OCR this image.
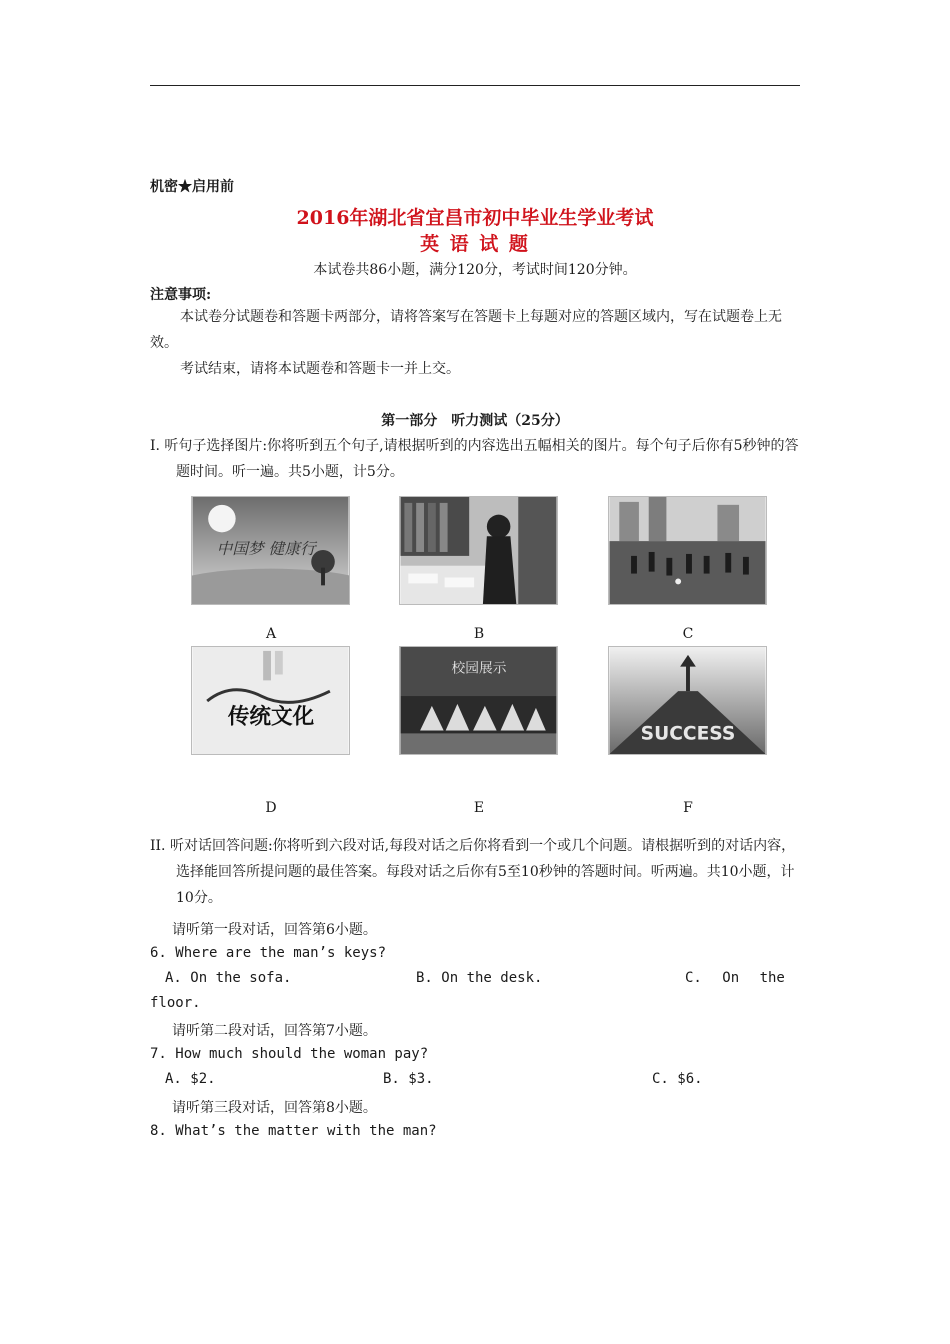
机密★启用前
2016年湖北省宜昌市初中毕业生学业考试
英 语 试 题
本试卷共86小题，满分120分，考试时间120分钟。
注意事项:
本试卷分试题卷和答题卡两部分，请将答案写在答题卡上每题对应的答题区域内，写在试题卷上无效。
考试结束，请将本试题卷和答题卡一并上交。
第一部分　听力测试（25分）
Ⅰ. 听句子选择图片:你将听到五个句子,请根据听到的内容选出五幅相关的图片。每个句子后你有5秒钟的答题时间。听一遍。共5小题，计5分。
中国梦 健康行
A	B	C
传统文化
D
校园展示
E
SUCCESS
F
II. 听对话回答问题:你将听到六段对话,每段对话之后你将看到一个或几个问题。请根据听到的对话内容，选择能回答所提问题的最佳答案。每段对话之后你有5至10秒钟的答题时间。听两遍。共10小题，计10分。
请听第一段对话，回答第6小题。
6. Where are the man’s keys?
A. On the sofa.	B. On the desk.	C. On the
floor.
请听第二段对话，回答第7小题。
7. How much should the woman pay?
A. $2.	B. $3.	C. $6.
请听第三段对话，回答第8小题。
8. What’s the matter with the man?
